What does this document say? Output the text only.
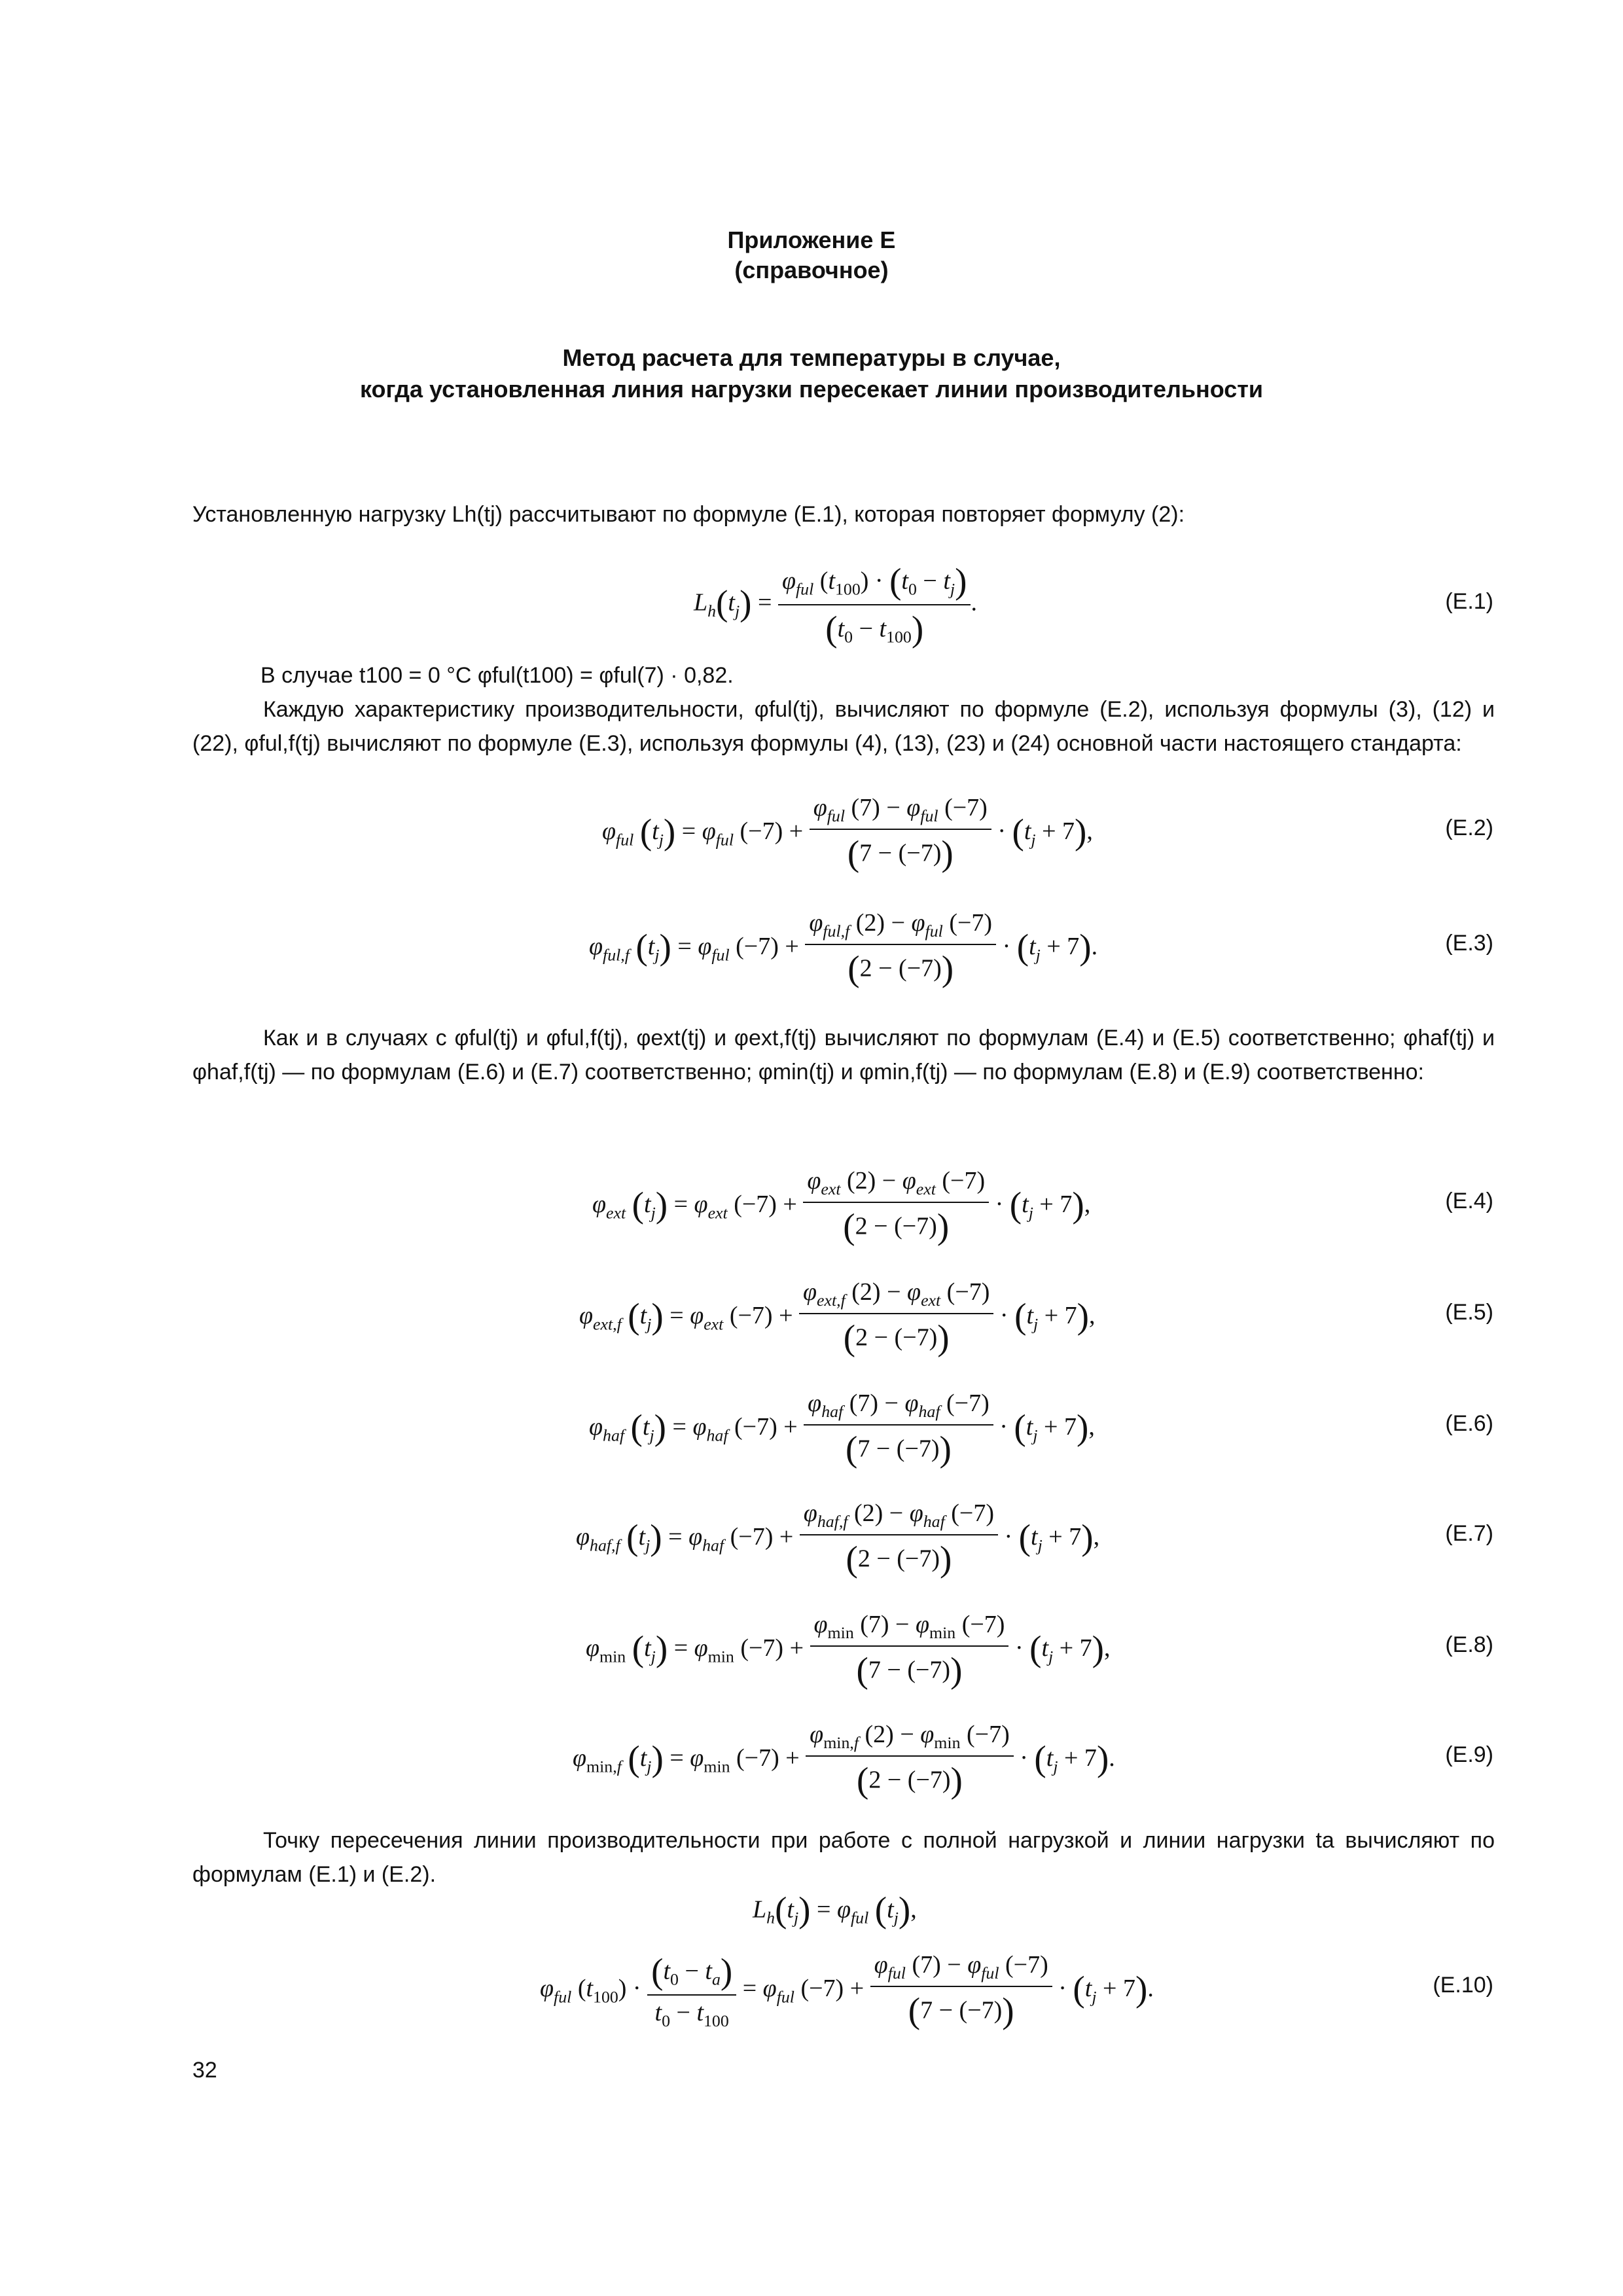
Приложение Е
(справочное)
Метод расчета для температуры в случае,
когда установленная линия нагрузки пересекает линии производительности
Установленную нагрузку Lh(tj) рассчитывают по формуле (Е.1), которая повторяет формулу (2):
$L_h(t_j) = \frac{\varphi_{ful} (t_{100}) \cdot (t_0 - t_j)}{(t_0 - t_{100})}$ .	(Е.1)
В случае t100 = 0 °С φful(t100) = φful(7) · 0,82.
Каждую характеристику производительности, φful(tj), вычисляют по формуле (Е.2), используя формулы (3), (12) и (22), φful,f(tj) вычисляют по формуле (Е.3), используя формулы (4), (13), (23) и (24) основной части настоящего стандарта:
$\varphi_{ful}$ $(t_j) = \varphi_{ful}$ $(-7) + \frac{\varphi_{ful} (7) - \varphi_{ful} (-7)}{(7 - (-7))} \cdot (t_j + 7)$,	(Е.2)
$\varphi_{ful,f}$ $(t_j) = \varphi_{ful}$ $(-7) + \frac{\varphi_{ful,f} (2) - \varphi_{ful} (-7)}{(2 - (-7))} \cdot (t_j + 7)$.	(Е.3)
Как и в случаях с φful(tj) и φful,f(tj), φext(tj) и φext,f(tj) вычисляют по формулам (Е.4) и (Е.5) соответственно; φhaf(tj) и φhaf,f(tj) — по формулам (Е.6) и (Е.7) соответственно; φmin(tj) и φmin,f(tj) — по формулам (Е.8) и (Е.9) соответственно:
$\varphi_{ext}$ $(t_j) = \varphi_{ext}$ $(-7) + \frac{\varphi_{ext} (2) - \varphi_{ext} (-7)}{(2 - (-7))} \cdot (t_j + 7)$,	(Е.4)
$\varphi_{ext,f}$ $(t_j) = \varphi_{ext}$ $(-7) + \frac{\varphi_{ext,f} (2) - \varphi_{ext} (-7)}{(2 - (-7))} \cdot (t_j + 7)$,	(Е.5)
$\varphi_{haf}$ $(t_j) = \varphi_{haf}$ $(-7) + \frac{\varphi_{haf} (7) - \varphi_{haf} (-7)}{(7 - (-7))} \cdot (t_j + 7)$,	(Е.6)
$\varphi_{haf,f}$ $(t_j) = \varphi_{haf}$ $(-7) + \frac{\varphi_{haf,f} (2) - \varphi_{haf} (-7)}{(2 - (-7))} \cdot (t_j + 7)$,	(Е.7)
$\varphi_{min}$ $(t_j) = \varphi_{min}$ $(-7) + \frac{\varphi_{min} (7) - \varphi_{min} (-7)}{(7 - (-7))} \cdot (t_j + 7)$,	(Е.8)
$\varphi_{min,f}$ $(t_j) = \varphi_{min}$ $(-7) + \frac{\varphi_{min,f} (2) - \varphi_{min} (-7)}{(2 - (-7))} \cdot (t_j + 7)$.	(Е.9)
Точку пересечения линии производительности при работе с полной нагрузкой и линии нагрузки ta вычисляют по формулам (Е.1) и (Е.2).
$L_h(t_j) = \varphi_{ful}$ $(t_j)$,
$\varphi_{ful}$ $(t_{100}) \cdot \frac{(t_0 - t_a)}{t_0 - t_{100}} = \varphi_{ful}$ $(-7) + \frac{\varphi_{ful} (7) - \varphi_{ful} (-7)}{(7 - (-7))} \cdot (t_j + 7)$.	(Е.10)
32
